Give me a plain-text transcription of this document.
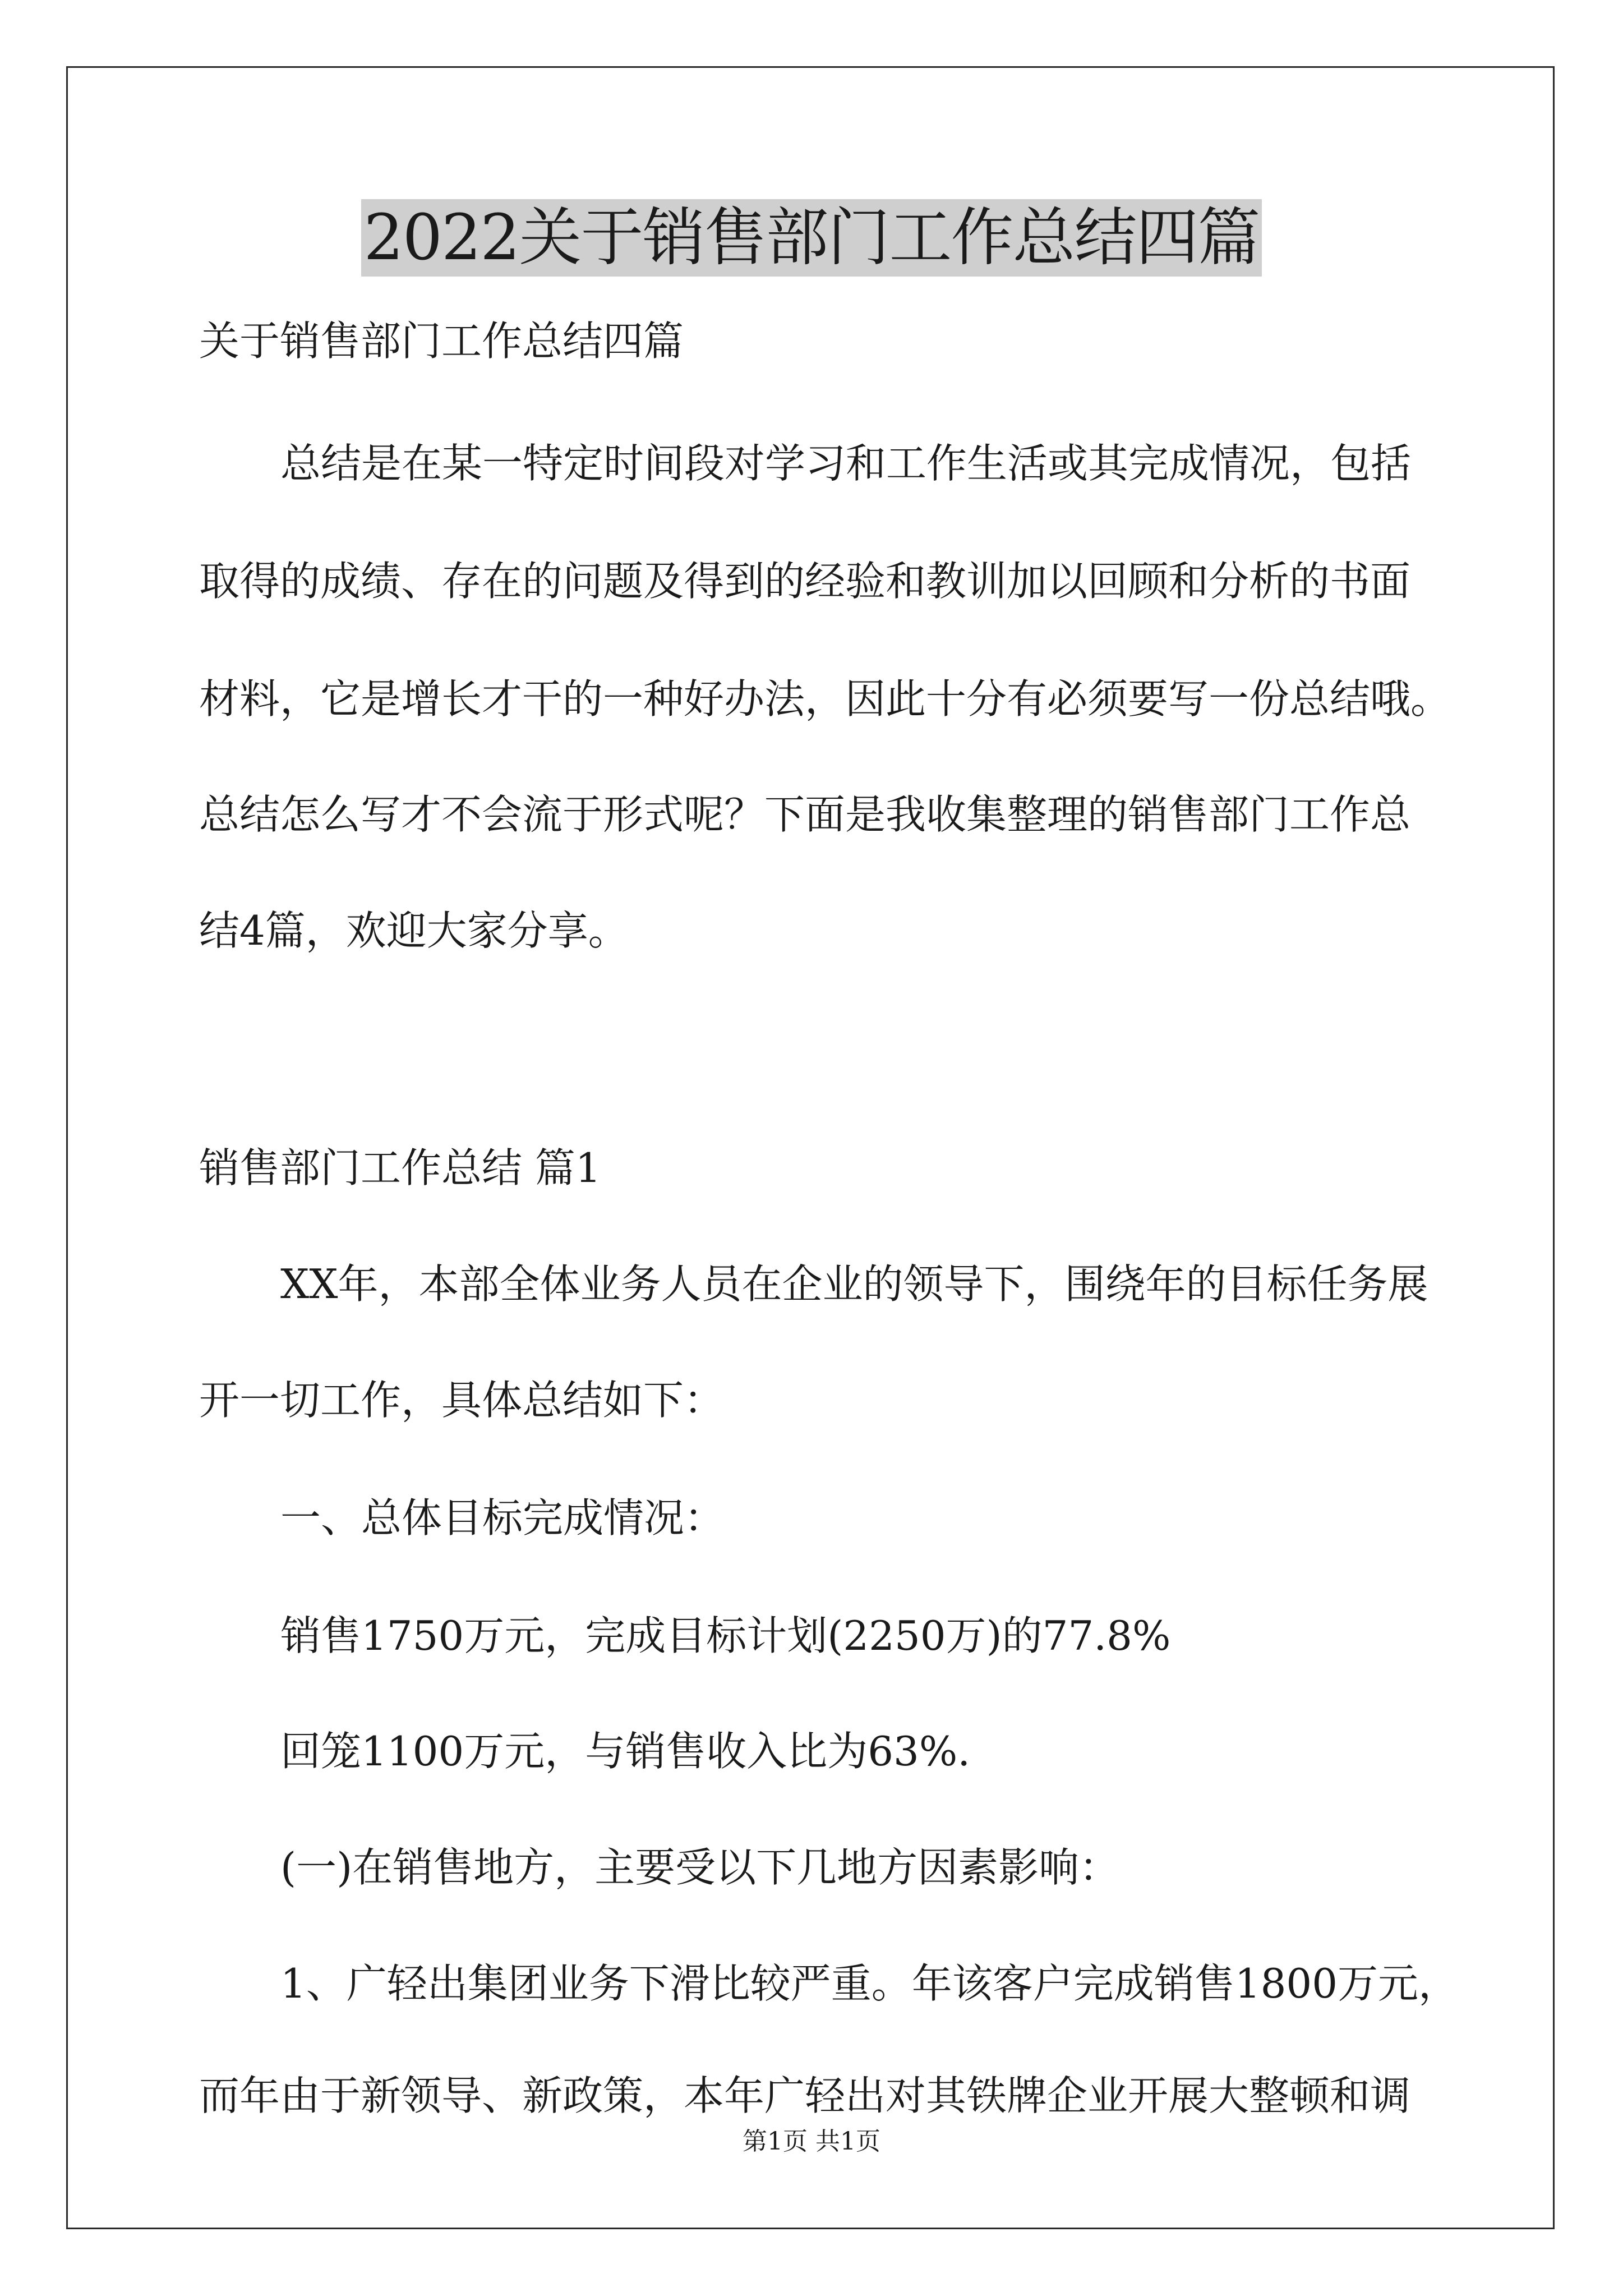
2022关于销售部门工作总结四篇
关于销售部门工作总结四篇
总结是在某一特定时间段对学习和工作生活或其完成情况，包括
取得的成绩、存在的问题及得到的经验和教训加以回顾和分析的书面
材料，它是增长才干的一种好办法，因此十分有必须要写一份总结哦。
总结怎么写才不会流于形式呢？下面是我收集整理的销售部门工作总
结4篇，欢迎大家分享。
销售部门工作总结 篇1
XX年，本部全体业务人员在企业的领导下，围绕年的目标任务展
开一切工作，具体总结如下：
一、总体目标完成情况：
销售1750万元，完成目标计划(2250万)的77.8%
回笼1100万元，与销售收入比为63%.
(一)在销售地方，主要受以下几地方因素影响：
1、广轻出集团业务下滑比较严重。年该客户完成销售1800万元，
而年由于新领导、新政策，本年广轻出对其铁牌企业开展大整顿和调
第1页 共1页
